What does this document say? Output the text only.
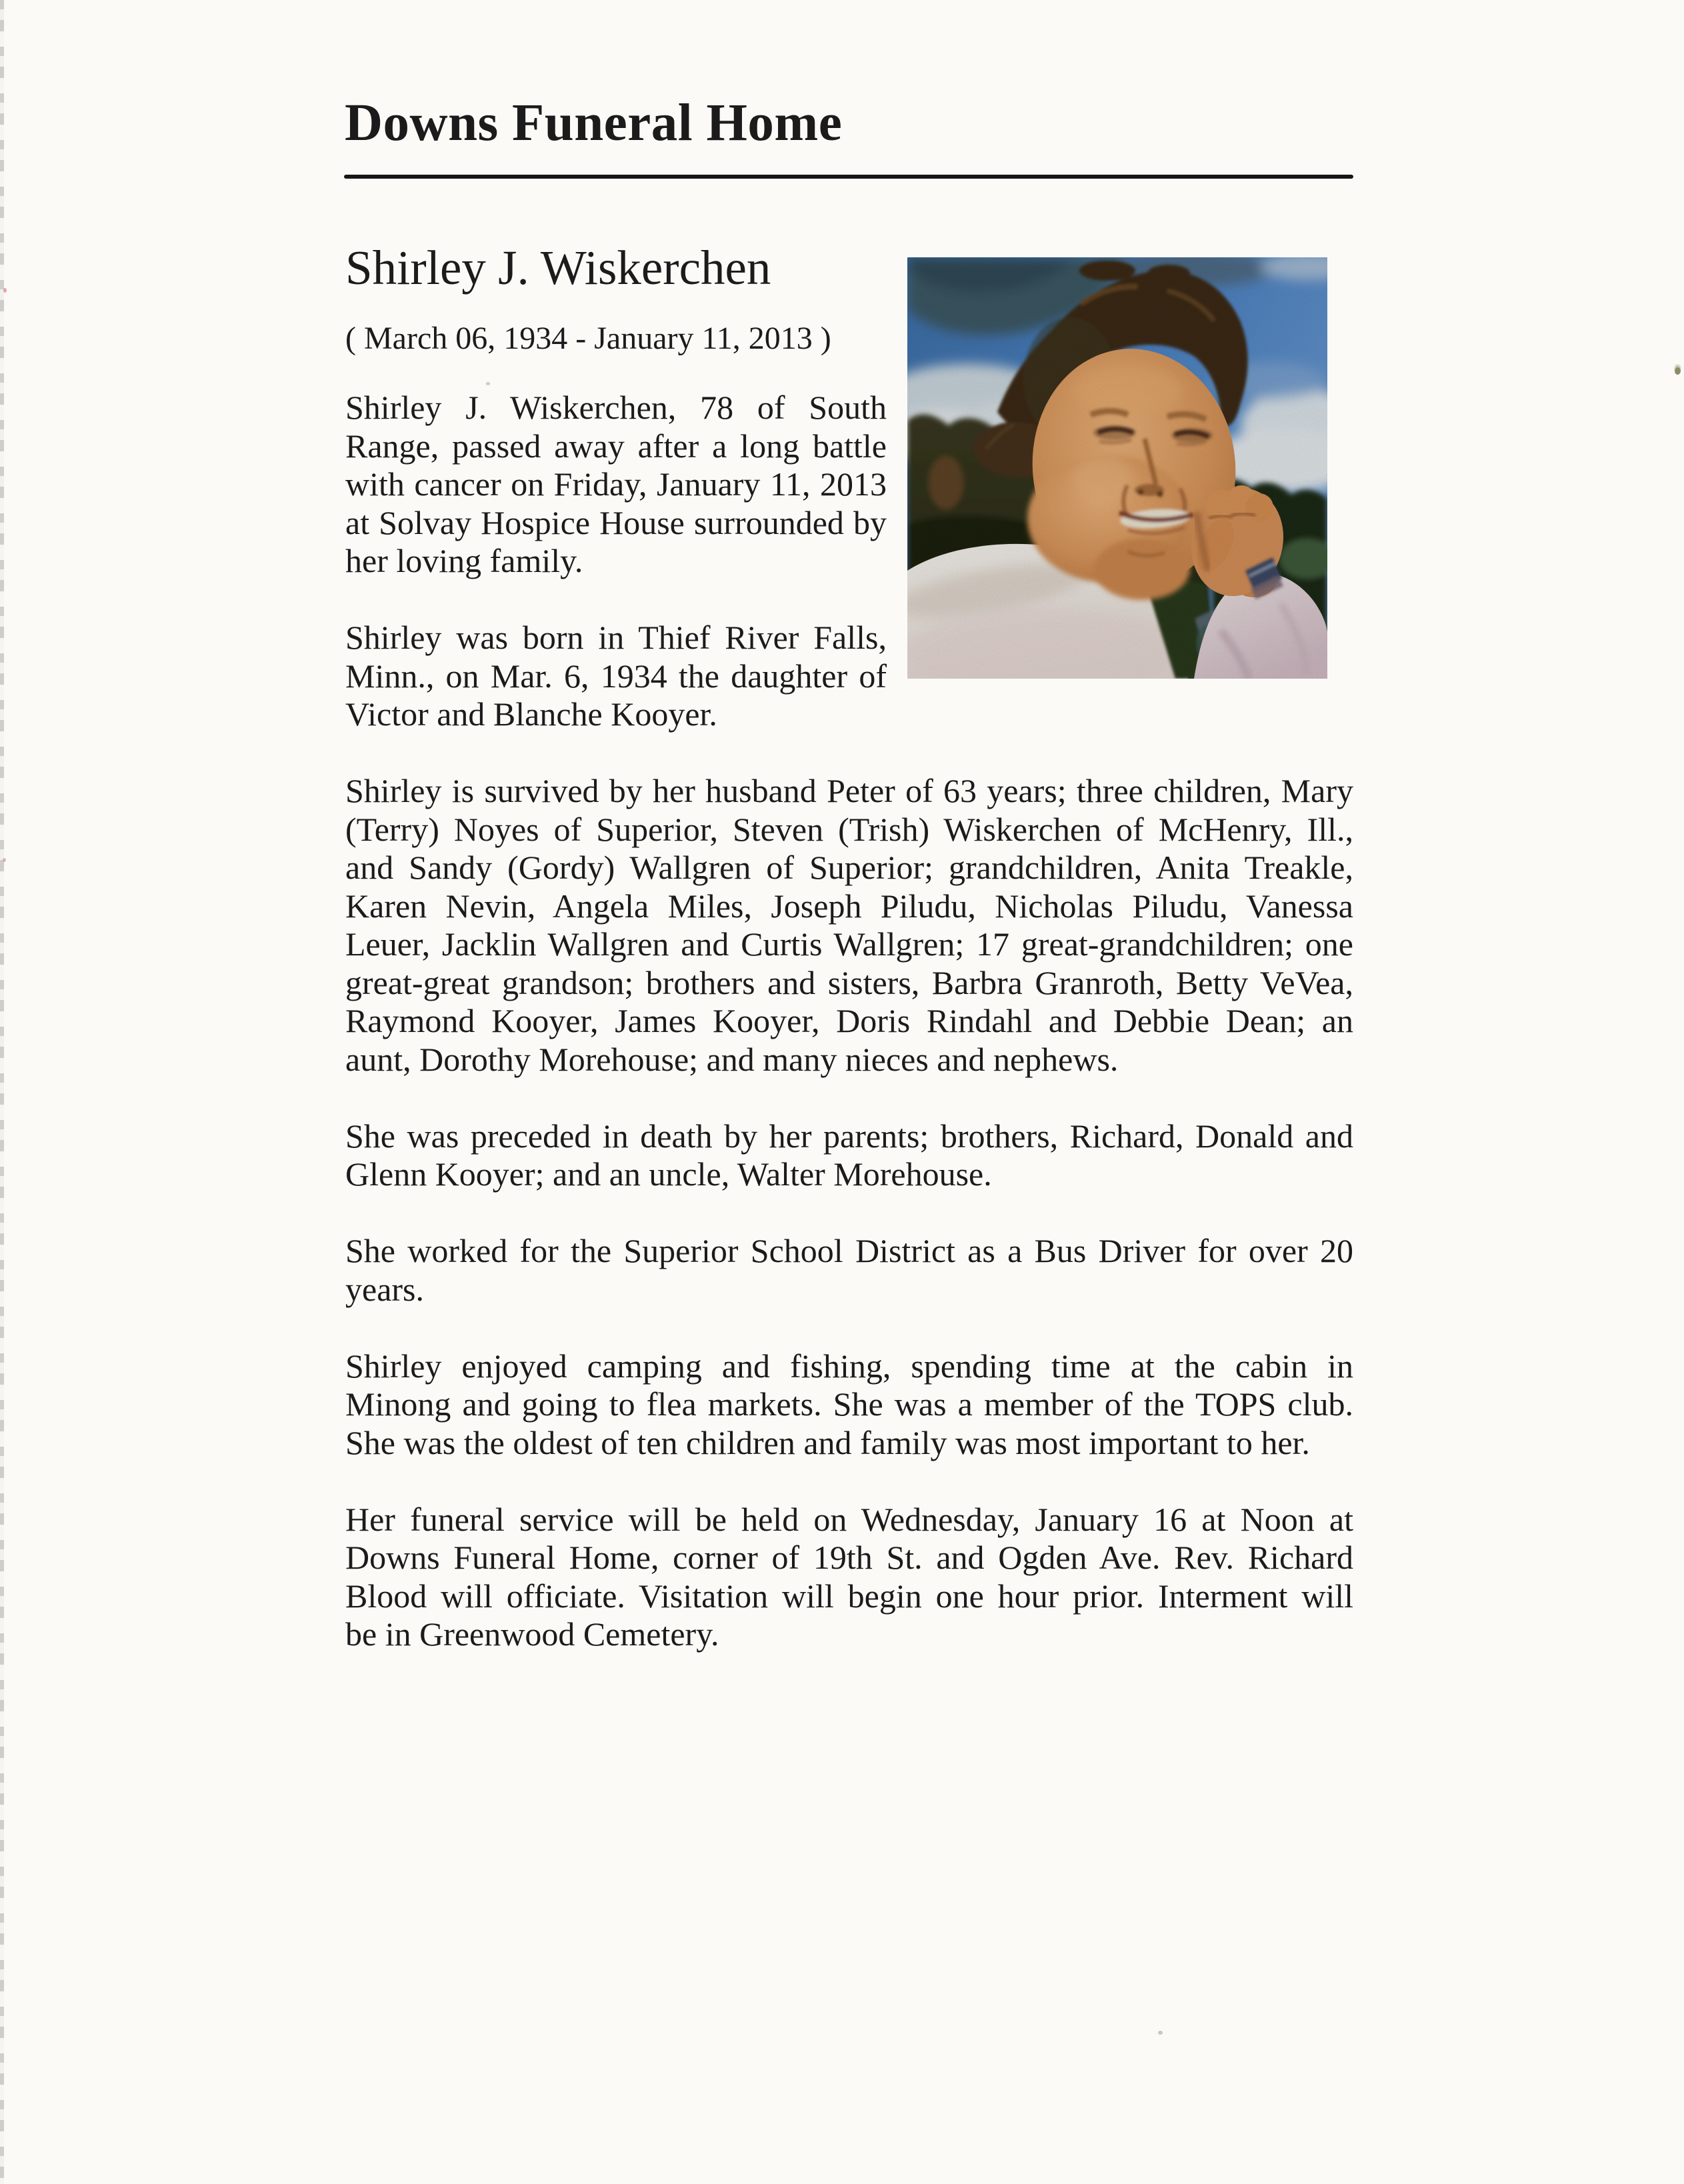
Downs Funeral Home
Shirley J. Wiskerchen
( March 06, 1934 - January 11, 2013 )
Shirley J. Wiskerchen, 78 of South
Range, passed away after a long battle
with cancer on Friday, January 11, 2013
at Solvay Hospice House surrounded by
her loving family.
Shirley was born in Thief River Falls,
Minn., on Mar. 6, 1934 the daughter of
Victor and Blanche Kooyer.
Shirley is survived by her husband Peter of 63 years; three children, Mary
(Terry) Noyes of Superior, Steven (Trish) Wiskerchen of McHenry, Ill.,
and Sandy (Gordy) Wallgren of Superior; grandchildren, Anita Treakle,
Karen Nevin, Angela Miles, Joseph Piludu, Nicholas Piludu, Vanessa
Leuer, Jacklin Wallgren and Curtis Wallgren; 17 great-grandchildren; one
great-great grandson; brothers and sisters, Barbra Granroth, Betty VeVea,
Raymond Kooyer, James Kooyer, Doris Rindahl and Debbie Dean; an
aunt, Dorothy Morehouse; and many nieces and nephews.
She was preceded in death by her parents; brothers, Richard, Donald and
Glenn Kooyer; and an uncle, Walter Morehouse.
She worked for the Superior School District as a Bus Driver for over 20
years.
Shirley enjoyed camping and fishing, spending time at the cabin in
Minong and going to flea markets. She was a member of the TOPS club.
She was the oldest of ten children and family was most important to her.
Her funeral service will be held on Wednesday, January 16 at Noon at
Downs Funeral Home, corner of 19th St. and Ogden Ave. Rev. Richard
Blood will officiate. Visitation will begin one hour prior. Interment will
be in Greenwood Cemetery.
